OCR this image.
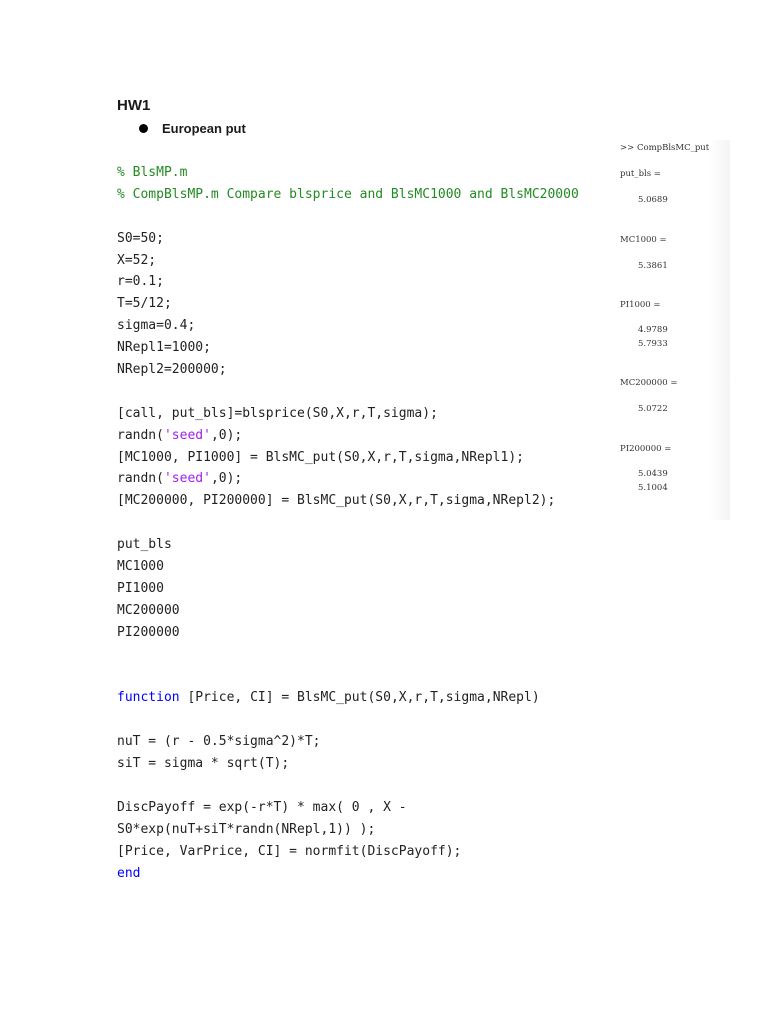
HW1
European put
% BlsMP.m
% CompBlsMP.m Compare blsprice and BlsMC1000 and BlsMC20000
S0=50;
X=52;
r=0.1;
T=5/12;
sigma=0.4;
NRepl1=1000;
NRepl2=200000;
[call, put_bls]=blsprice(S0,X,r,T,sigma);
randn('seed',0);
[MC1000, PI1000] = BlsMC_put(S0,X,r,T,sigma,NRepl1);
randn('seed',0);
[MC200000, PI200000] = BlsMC_put(S0,X,r,T,sigma,NRepl2);
put_bls
MC1000
PI1000
MC200000
PI200000
function [Price, CI] = BlsMC_put(S0,X,r,T,sigma,NRepl)
nuT = (r - 0.5*sigma^2)*T;
siT = sigma * sqrt(T);
DiscPayoff = exp(-r*T) * max( 0 , X -
S0*exp(nuT+siT*randn(NRepl,1)) );
[Price, VarPrice, CI] = normfit(DiscPayoff);
end
>> CompBlsMC_put
put_bls =
5.0689
MC1000 =
5.3861
PI1000 =
4.9789
5.7933
MC200000 =
5.0722
PI200000 =
5.0439
5.1004
